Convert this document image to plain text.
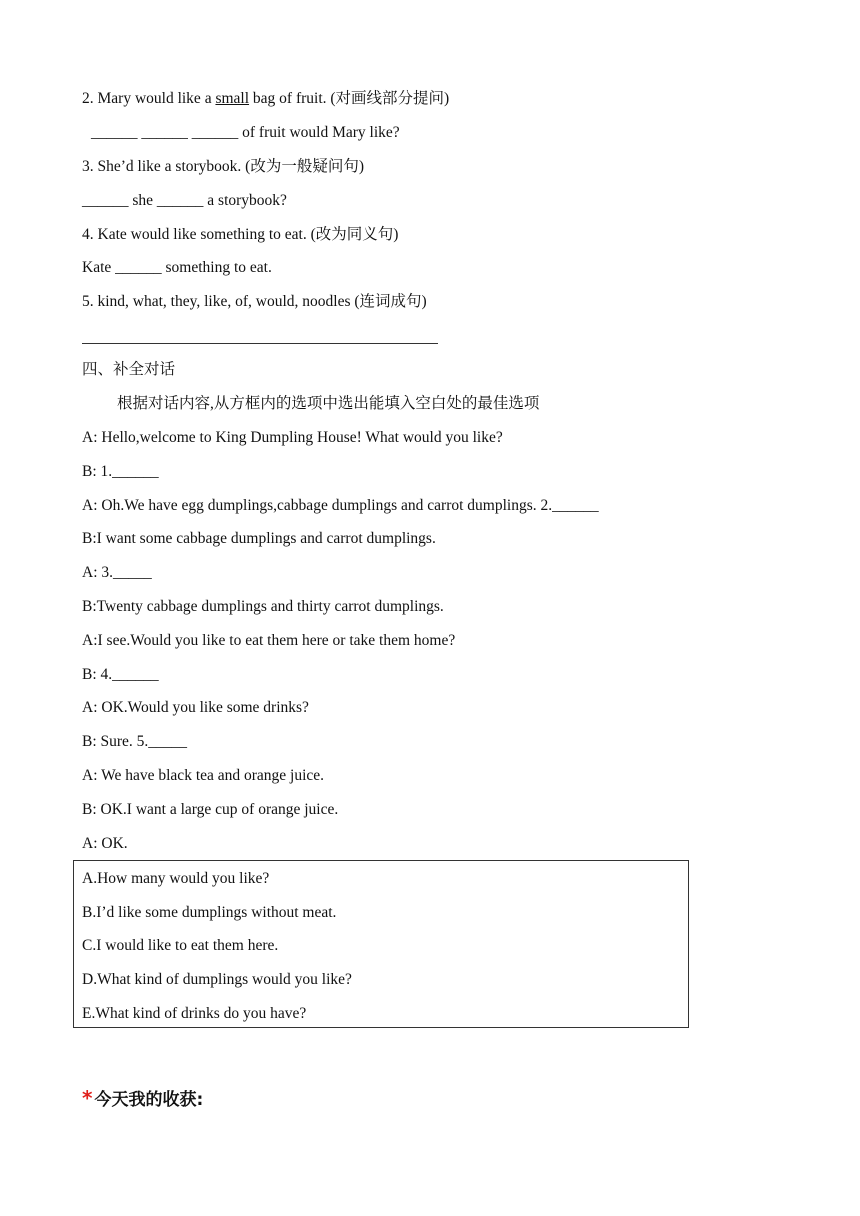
2. Mary would like a small bag of fruit. (对画线部分提问)
______ ______ ______ of fruit would Mary like?
3. She’d like a storybook. (改为一般疑问句)
______ she ______ a storybook?
4. Kate would like something to eat. (改为同义句)
Kate ______ something to eat.
5. kind, what, they, like, of, would, noodles (连词成句)
四、补全对话
根据对话内容,从方框内的选项中选出能填入空白处的最佳选项
A: Hello,welcome to King Dumpling House! What would you like?
B: 1.______
A: Oh.We have egg dumplings,cabbage dumplings and carrot dumplings. 2.______
B:I want some cabbage dumplings and carrot dumplings.
A: 3._____
B:Twenty cabbage dumplings and thirty carrot dumplings.
A:I see.Would you like to eat them here or take them home?
B: 4.______
A: OK.Would you like some drinks?
B: Sure. 5._____
A: We have black tea and orange juice.
B: OK.I want a large cup of orange juice.
A: OK.
A.How many would you like?
B.I’d like some dumplings without meat.
C.I would like to eat them here.
D.What kind of dumplings would you like?
E.What kind of drinks do you have?
* 今天我的收获:
